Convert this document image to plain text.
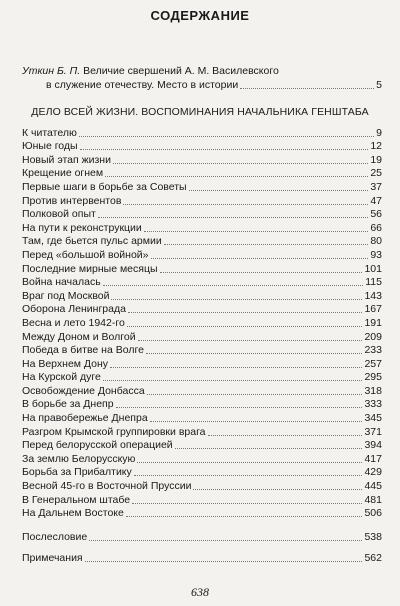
СОДЕРЖАНИЕ
Уткин Б. П. Величие свершений А. М. Василевского
в служение отечеству. Место в истории	5
ДЕЛО ВСЕЙ ЖИЗНИ. ВОСПОМИНАНИЯ НАЧАЛЬНИКА ГЕНШТАБА
К читателю	9
Юные годы	12
Новый этап жизни	19
Крещение огнем	25
Первые шаги в борьбе за Советы	37
Против интервентов	47
Полковой опыт	56
На пути к реконструкции	66
Там, где бьется пульс армии	80
Перед «большой войной»	93
Последние мирные месяцы	101
Война началась	115
Враг под Москвой	143
Оборона Ленинграда	167
Весна и лето 1942-го	191
Между Доном и Волгой	209
Победа в битве на Волге	233
На Верхнем Дону	257
На Курской дуге	295
Освобождение Донбасса	318
В борьбе за Днепр	333
На правобережье Днепра	345
Разгром Крымской группировки врага	371
Перед белорусской операцией	394
За землю Белорусскую	417
Борьба за Прибалтику	429
Весной 45-го в Восточной Пруссии	445
В Генеральном штабе	481
На Дальнем Востоке	506
Послесловие	538
Примечания	562
638
